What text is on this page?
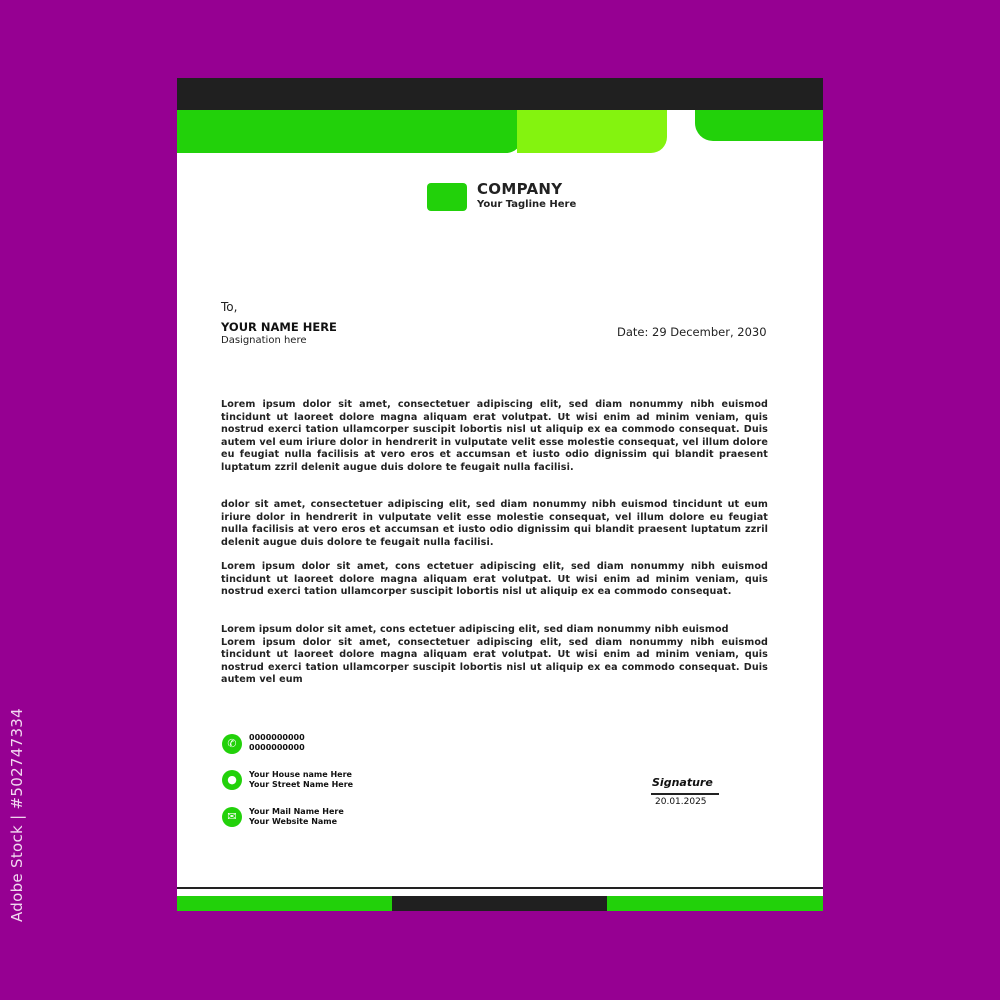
Adobe Stock | #502747334
COMPANY
Your Tagline Here
To,
YOUR NAME HERE
Dasignation here
Date: 29 December, 2030
Lorem ipsum dolor sit amet, consectetuer adipiscing elit, sed diam nonummy nibh euismod tincidunt ut laoreet dolore magna aliquam erat volutpat. Ut wisi enim ad minim veniam, quis nostrud exerci tation ullamcorper suscipit lobortis nisl ut aliquip ex ea commodo consequat. Duis autem vel eum iriure dolor in hendrerit in vulputate velit esse molestie consequat, vel illum dolore eu feugiat nulla facilisis at vero eros et accumsan et iusto odio dignissim qui blandit praesent luptatum zzril delenit augue duis dolore te feugait nulla facilisi.
dolor sit amet, consectetuer adipiscing elit, sed diam nonummy nibh euismod tincidunt ut eum iriure dolor in hendrerit in vulputate velit esse molestie consequat, vel illum dolore eu feugiat nulla facilisis at vero eros et accumsan et iusto odio dignissim qui blandit praesent luptatum zzril delenit augue duis dolore te feugait nulla facilisi.
Lorem ipsum dolor sit amet, cons ectetuer adipiscing elit, sed diam nonummy nibh euismod tincidunt ut laoreet dolore magna aliquam erat volutpat. Ut wisi enim ad minim veniam, quis nostrud exerci tation ullamcorper suscipit lobortis nisl ut aliquip ex ea commodo consequat.
Lorem ipsum dolor sit amet, cons ectetuer adipiscing elit, sed diam nonummy nibh euismod
Lorem ipsum dolor sit amet, consectetuer adipiscing elit, sed diam nonummy nibh euismod tincidunt ut laoreet dolore magna aliquam erat volutpat. Ut wisi enim ad minim veniam, quis nostrud exerci tation ullamcorper suscipit lobortis nisl ut aliquip ex ea commodo consequat. Duis autem vel eum
✆	0000000000
0000000000
●	Your House name Here
Your Street Name Here
✉	Your Mail Name Here
Your Website Name
Signature
20.01.2025
